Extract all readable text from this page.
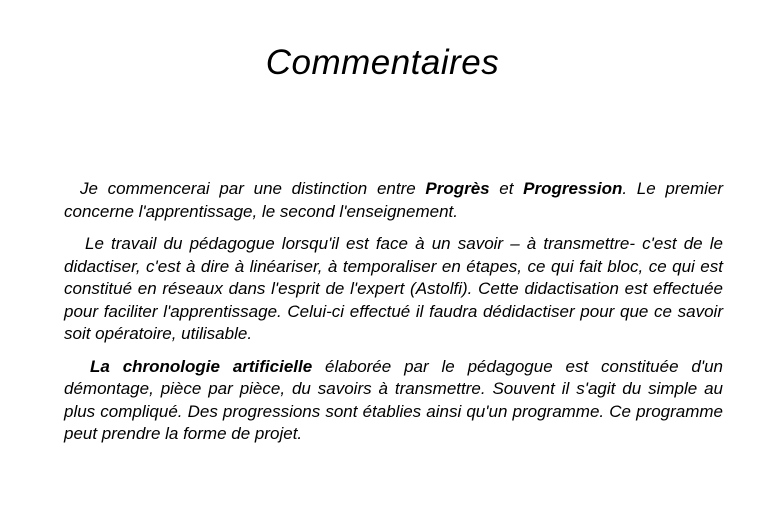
Commentaires

Je commencerai par une distinction entre Progrès et Progression. Le premier concerne l'apprentissage, le second l'enseignement.

Le travail du pédagogue lorsqu'il est face à un savoir – à transmettre- c'est de le didactiser, c'est à dire à linéariser, à temporaliser en étapes, ce qui fait bloc, ce qui est constitué en réseaux dans l'esprit de l'expert (Astolfi). Cette didactisation est effectuée pour faciliter l'apprentissage. Celui-ci effectué il faudra dédidactiser pour que ce savoir soit opératoire, utilisable.

La chronologie artificielle élaborée par le pédagogue est constituée d'un démontage, pièce par pièce, du savoirs à transmettre. Souvent il s'agit du simple au plus compliqué. Des progressions sont établies ainsi qu'un programme. Ce programme peut prendre la forme de projet.
